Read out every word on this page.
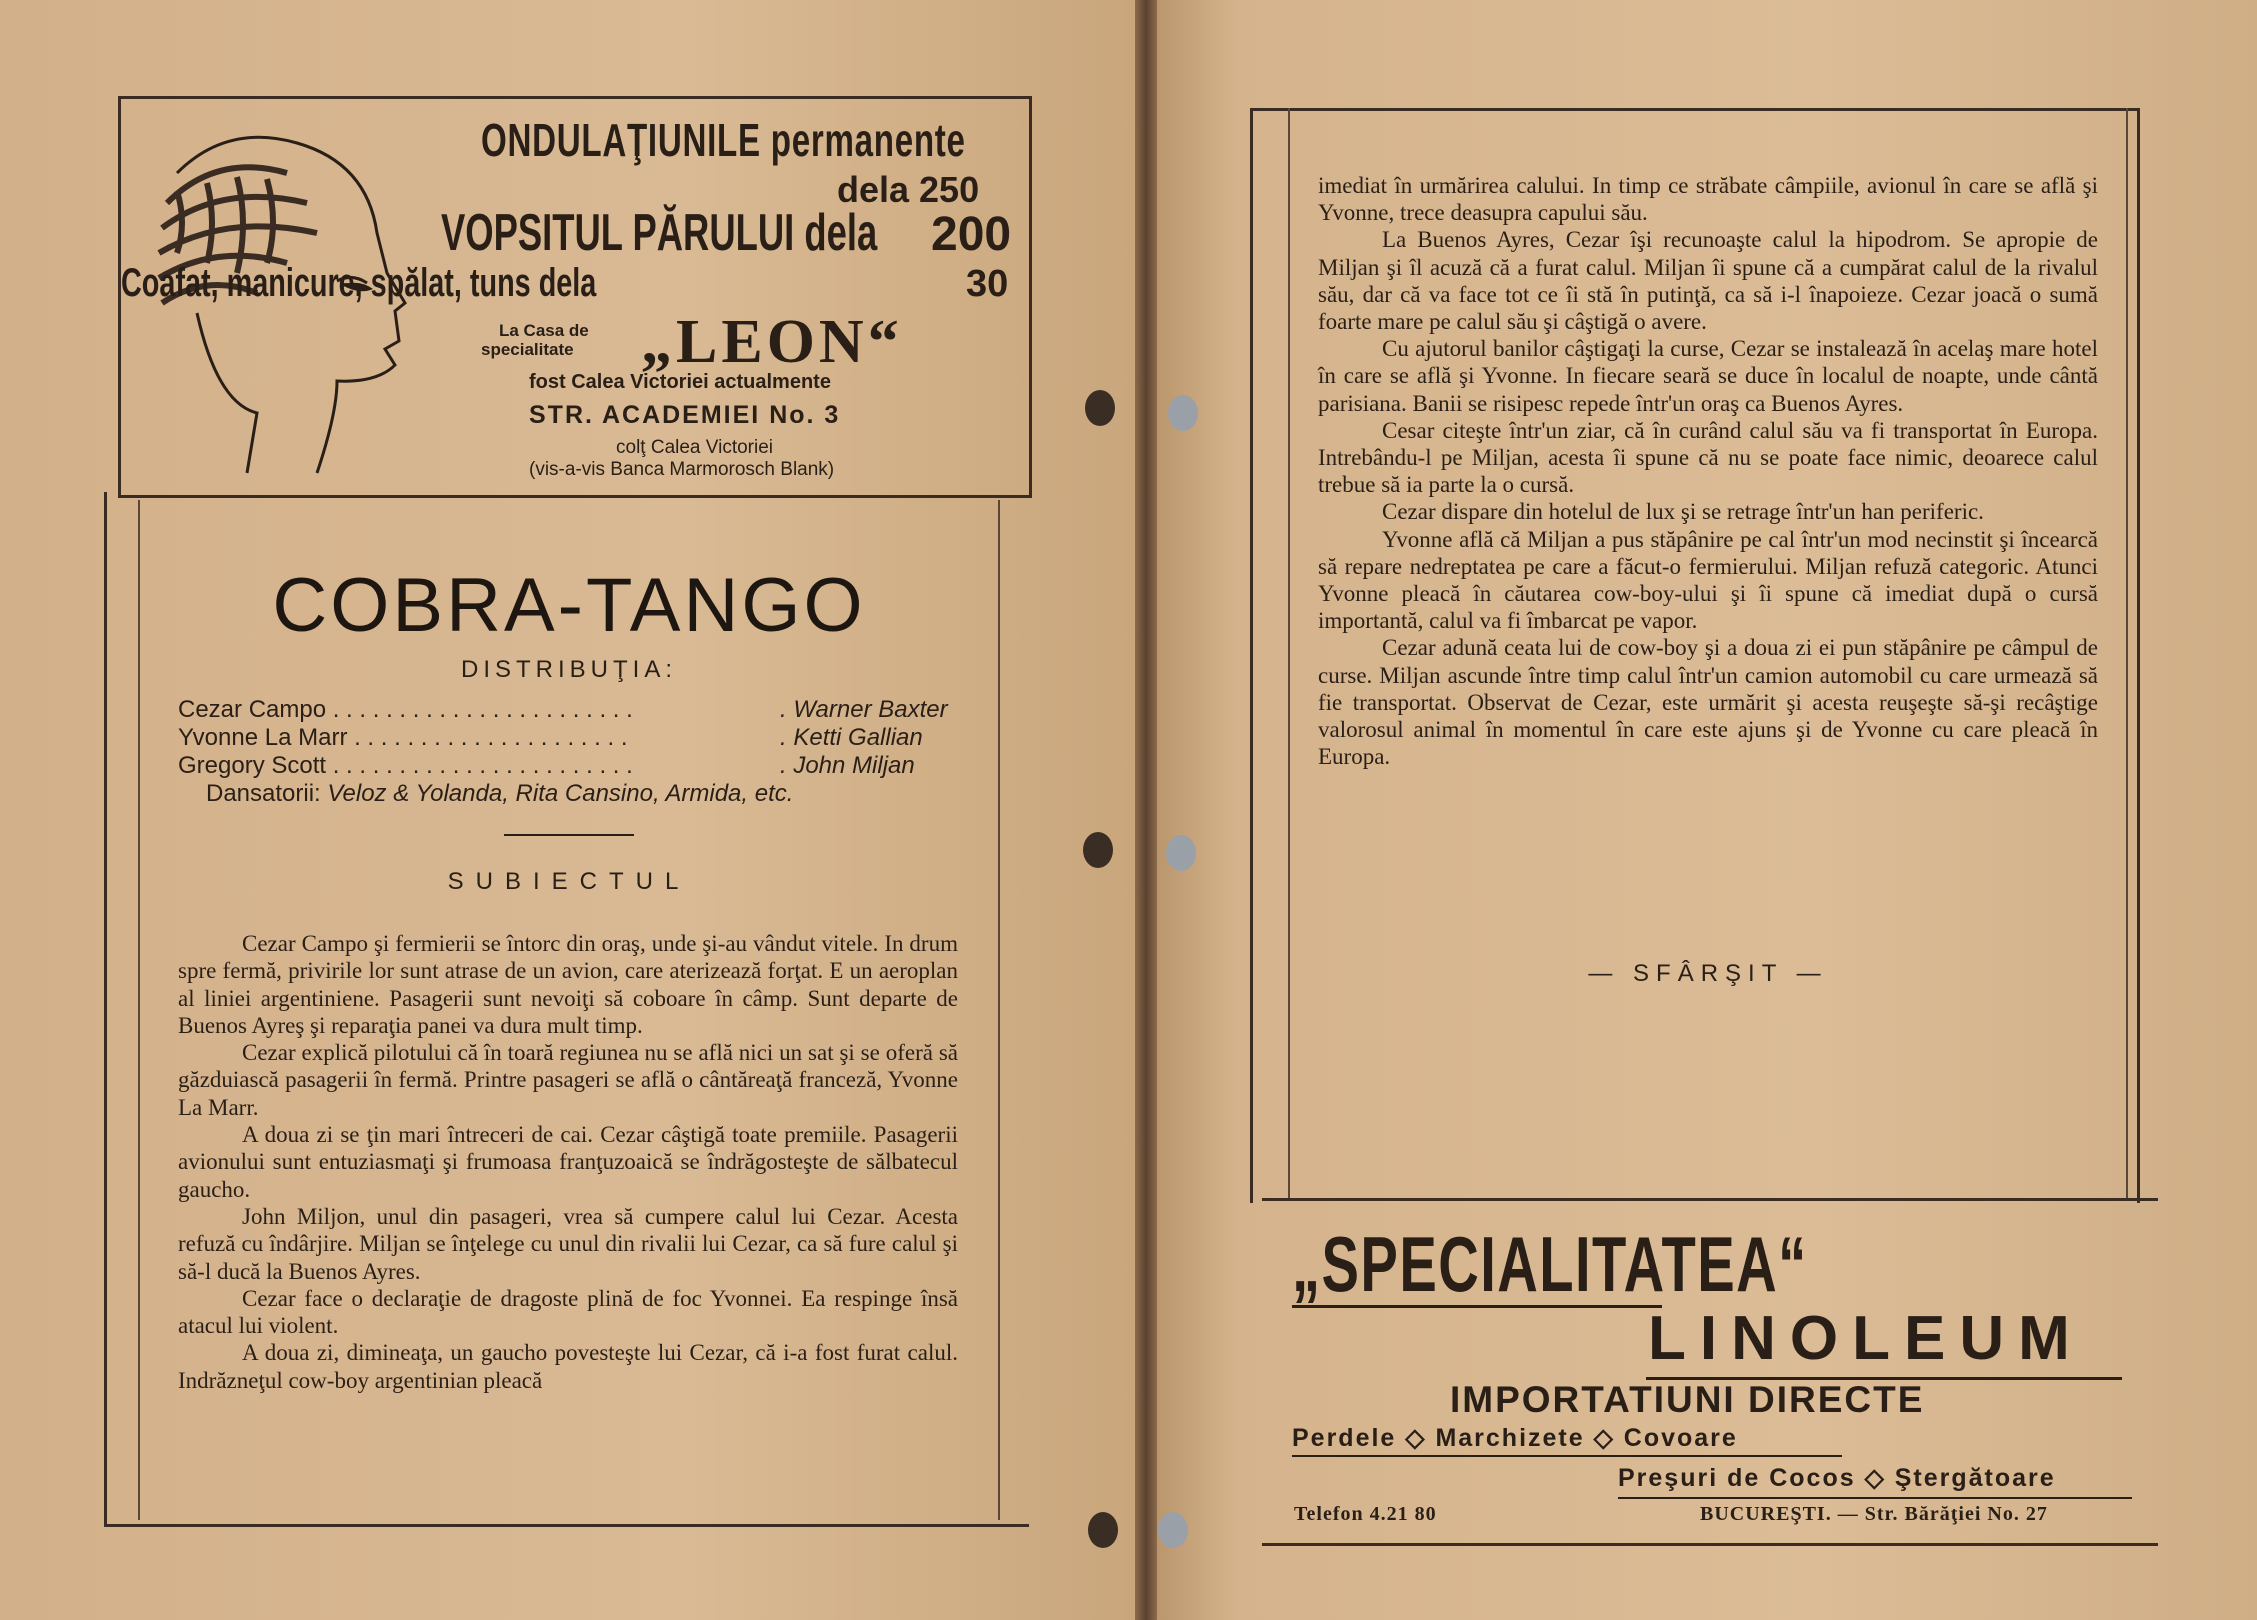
ONDULAŢIUNILE permanente
dela 250
VOPSITUL PĂRULUI dela 200
Coafat, manicure, spălat, tuns dela	30
La Casa de
specialitate „LEON“
fost Calea Victoriei actualmente
STR. ACADEMIEI No. 3
colţ Calea Victoriei
(vis-a-vis Banca Marmorosch Blank)
COBRA-TANGO
DISTRIBUŢIA:
Cezar Campo . . . . . . . . . . . . . . . . . . . . . . .	. Warner Baxter
Yvonne La Marr . . . . . . . . . . . . . . . . . . . . .	. Ketti Gallian
Gregory Scott . . . . . . . . . . . . . . . . . . . . . . .	. John Miljan
Dansatorii: Veloz & Yolanda, Rita Cansino, Armida, etc.
SUBIECTUL

Cezar Campo şi fermierii se întorc din oraş, unde şi-au vândut vitele. In drum spre fermă, privirile lor sunt atrase de un avion, care aterizează forţat. E un aeroplan al liniei argentiniene. Pasagerii sunt nevoiţi să coboare în câmp. Sunt departe de Buenos Ayreş şi reparaţia panei va dura mult timp.

Cezar explică pilotului că în toară regiunea nu se află nici un sat şi se oferă să găzduiască pasagerii în fermă. Printre pasageri se află o cântăreaţă franceză, Yvonne La Marr.

A doua zi se ţin mari întreceri de cai. Cezar câştigă toate premiile. Pasagerii avionului sunt entuziasmaţi şi frumoasa franţuzoaică se îndrăgosteşte de sălbatecul gaucho.

John Miljon, unul din pasageri, vrea să cumpere calul lui Cezar. Acesta refuză cu îndârjire. Miljan se înţelege cu unul din rivalii lui Cezar, ca să fure calul şi să-l ducă la Buenos Ayres.

Cezar face o declaraţie de dragoste plină de foc Yvonnei. Ea respinge însă atacul lui violent.

A doua zi, dimineaţa, un gaucho povesteşte lui Cezar, că i-a fost furat calul. Indrăzneţul cow-boy argentinian pleacă

imediat în urmărirea calului. In timp ce străbate câmpiile, avionul în care se află şi Yvonne, trece deasupra capului său.

La Buenos Ayres, Cezar îşi recunoaşte calul la hipodrom. Se apropie de Miljan şi îl acuză că a furat calul. Miljan îi spune că a cumpărat calul de la rivalul său, dar că va face tot ce îi stă în putinţă, ca să i-l înapoieze. Cezar joacă o sumă foarte mare pe calul său şi câştigă o avere.

Cu ajutorul banilor câştigaţi la curse, Cezar se instalează în acelaş mare hotel în care se află şi Yvonne. In fiecare seară se duce în localul de noapte, unde cântă parisiana. Banii se risipesc repede într'un oraş ca Buenos Ayres.

Cesar citeşte într'un ziar, că în curând calul său va fi transportat în Europa. Intrebându-l pe Miljan, acesta îi spune că nu se poate face nimic, deoarece calul trebue să ia parte la o cursă.

Cezar dispare din hotelul de lux şi se retrage într'un han periferic.

Yvonne află că Miljan a pus stăpânire pe cal într'un mod necinstit şi încearcă să repare nedreptatea pe care a făcut-o fermierului. Miljan refuză categoric. Atunci Yvonne pleacă în căutarea cow-boy-ului şi îi spune că imediat după o cursă importantă, calul va fi îmbarcat pe vapor.

Cezar adună ceata lui de cow-boy şi a doua zi ei pun stăpânire pe câmpul de curse. Miljan ascunde între timp calul într'un camion automobil cu care urmează să fie transportat. Observat de Cezar, este urmărit şi acesta reuşeşte să-şi recâştige valorosul animal în momentul în care este ajuns şi de Yvonne cu care pleacă în Europa.

— SFÂRŞIT —
„SPECIALITATEA“
LINOLEUM
IMPORTATIUNI DIRECTE
Perdele ◇ Marchizete ◇ Covoare
Preşuri de Cocos ◇ Ştergătoare
Telefon 4.21 80	BUCUREŞTI. — Str. Bărăţiei No. 27
